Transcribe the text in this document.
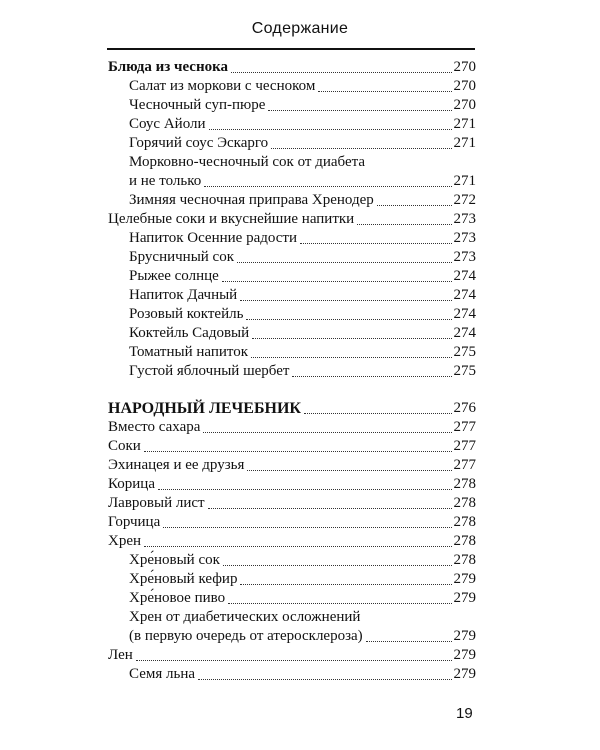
Содержание
Блюда из чеснока	270
Салат из моркови с чесноком	270
Чесночный суп-пюре	270
Соус Айоли	271
Горячий соус Эскарго	271
Морковно-чесночный сок от диабета
и не только	271
Зимняя чесночная приправа Хренодер	272
Целебные соки и вкуснейшие напитки	273
Напиток Осенние радости	273
Брусничный сок	273
Рыжее солнце	274
Напиток Дачный	274
Розовый коктейль	274
Коктейль Садовый	274
Томатный напиток	275
Густой яблочный шербет	275
НАРОДНЫЙ ЛЕЧЕБНИК	276
Вместо сахара	277
Соки	277
Эхинацея и ее друзья	277
Корица	278
Лавровый лист	278
Горчица	278
Хрен	278
Хре́новый сок	278
Хре́новый кефир	279
Хре́новое пиво	279
Хрен от диабетических осложнений
(в первую очередь от атеросклероза)	279
Лен	279
Семя льна	279
19
